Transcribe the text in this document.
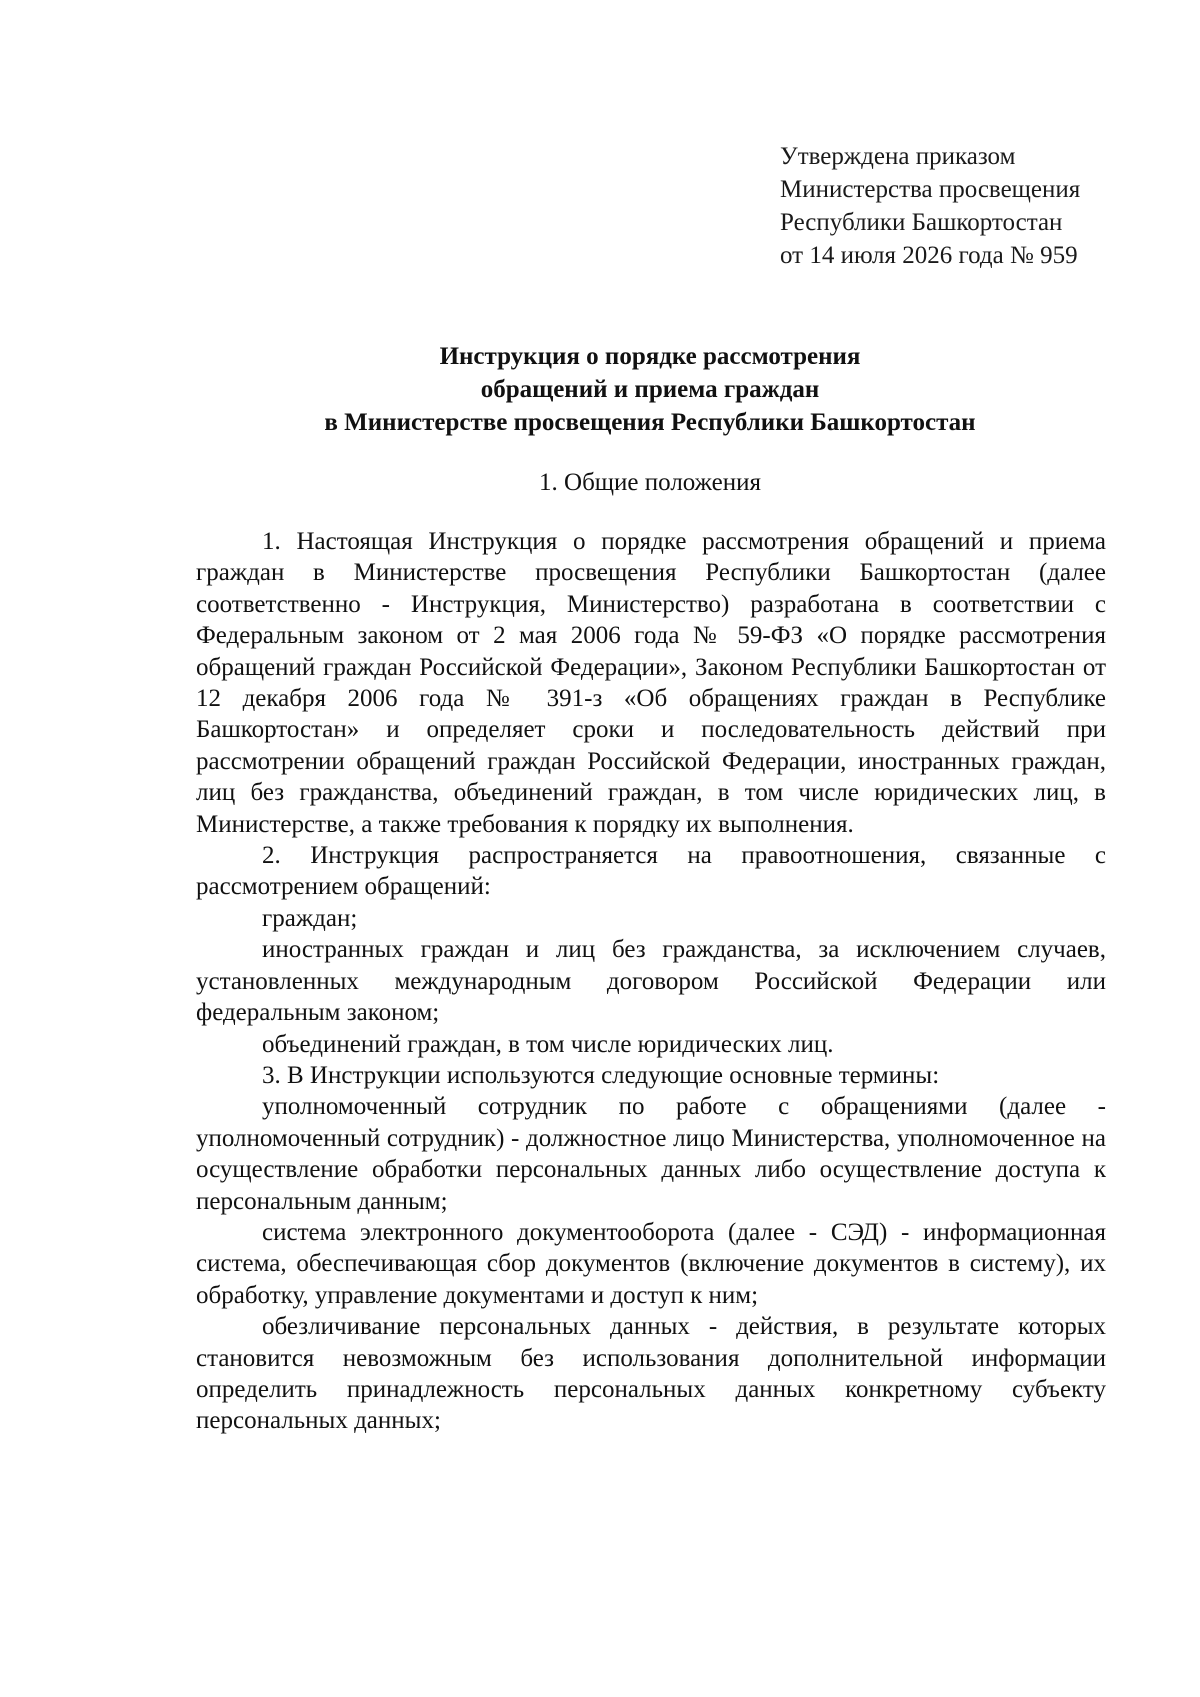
Утверждена приказом
Министерства просвещения
Республики Башкортостан
от 14 июля 2026 года № 959
Инструкция о порядке рассмотрения
обращений и приема граждан
в Министерстве просвещения Республики Башкортостан
1. Общие положения

1. Настоящая Инструкция о порядке рассмотрения обращений и приема граждан в Министерстве просвещения Республики Башкортостан (далее соответственно - Инструкция, Министерство) разработана в соответствии с Федеральным законом от 2 мая 2006 года № 59-ФЗ «О порядке рассмотрения обращений граждан Российской Федерации», Законом Республики Башкортостан от 12 декабря 2006 года № 391-з «Об обращениях граждан в Республике Башкортостан» и определяет сроки и последовательность действий при рассмотрении обращений граждан Российской Федерации, иностранных граждан, лиц без гражданства, объединений граждан, в том числе юридических лиц, в Министерстве, а также требования к порядку их выполнения.

2. Инструкция распространяется на правоотношения, связанные с рассмотрением обращений:

граждан;

иностранных граждан и лиц без гражданства, за исключением случаев, установленных международным договором Российской Федерации или федеральным законом;

объединений граждан, в том числе юридических лиц.

3. В Инструкции используются следующие основные термины:

уполномоченный сотрудник по работе с обращениями (далее - уполномоченный сотрудник) - должностное лицо Министерства, уполномоченное на осуществление обработки персональных данных либо осуществление доступа к персональным данным;

система электронного документооборота (далее - СЭД) - информационная система, обеспечивающая сбор документов (включение документов в систему), их обработку, управление документами и доступ к ним;

обезличивание персональных данных - действия, в результате которых становится невозможным без использования дополнительной информации определить принадлежность персональных данных конкретному субъекту персональных данных;
